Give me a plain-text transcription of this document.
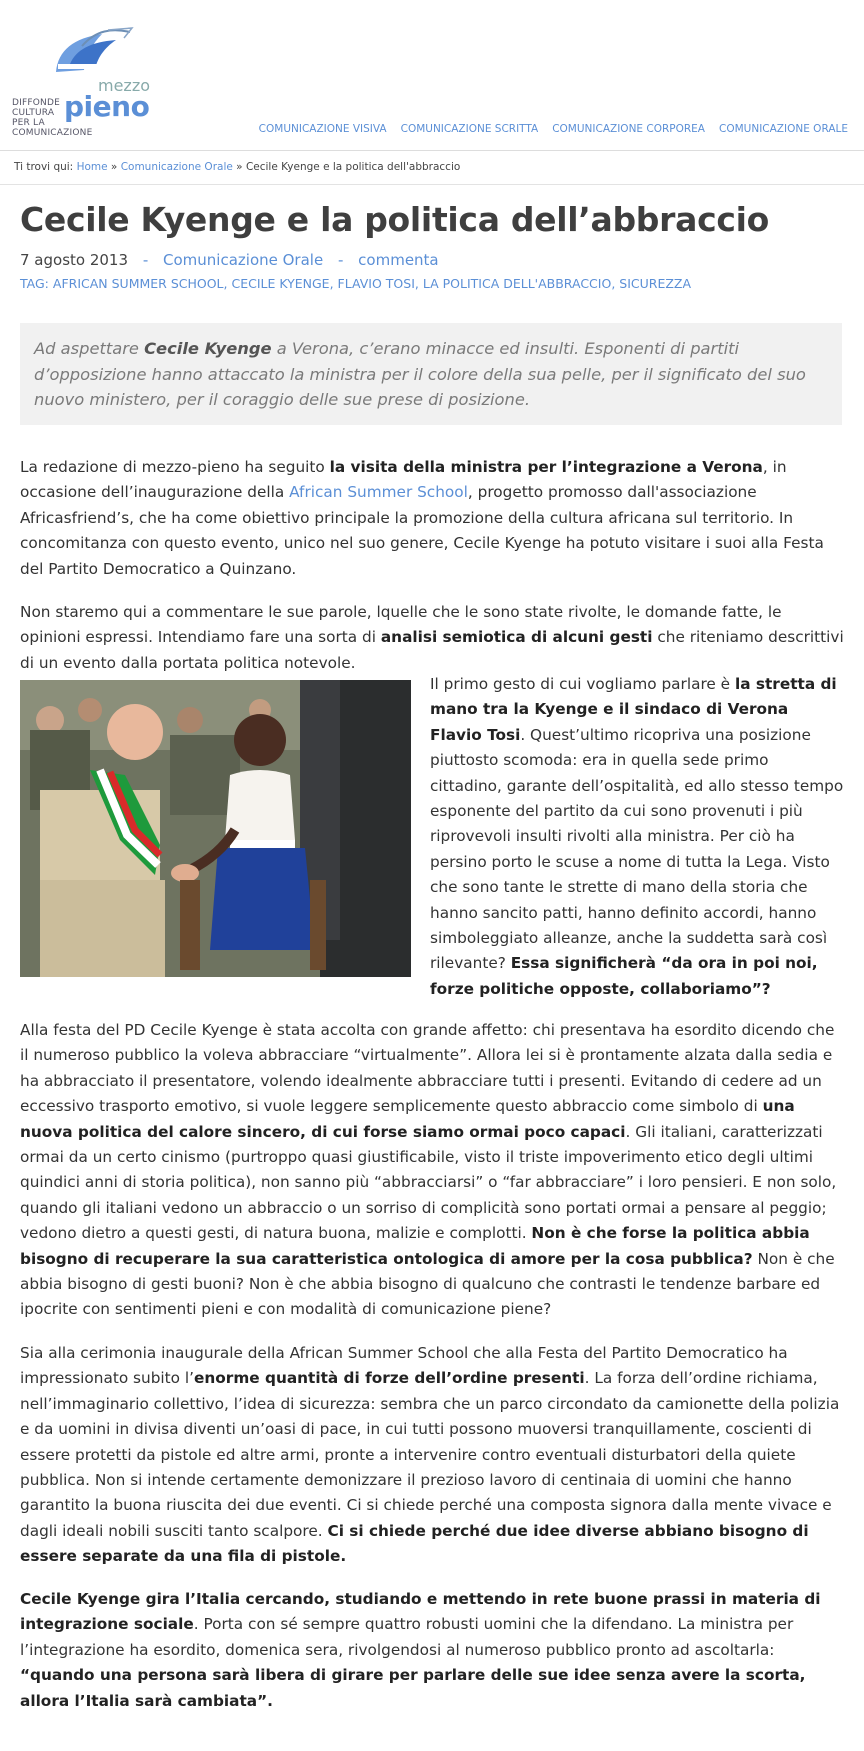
DIFFONDE
CULTURA
PER LA
COMUNICAZIONE
mezzo
pieno
COMUNICAZIONE VISIVA COMUNICAZIONE SCRITTA COMUNICAZIONE CORPOREA COMUNICAZIONE ORALE
Ti trovi qui: Home » Comunicazione Orale » Cecile Kyenge e la politica dell'abbraccio
Cecile Kyenge e la politica dell’abbraccio
7 agosto 2013 - Comunicazione Orale - commenta
TAG: AFRICAN SUMMER SCHOOL, CECILE KYENGE, FLAVIO TOSI, LA POLITICA DELL'ABBRACCIO, SICUREZZA

Ad aspettare Cecile Kyenge a Verona, c’erano minacce ed insulti. Esponenti di partiti d’opposizione hanno attaccato la ministra per il colore della sua pelle, per il significato del suo nuovo ministero, per il coraggio delle sue prese di posizione.

La redazione di mezzo-pieno ha seguito la visita della ministra per l’integrazione a Verona, in occasione dell’inaugurazione della African Summer School, progetto promosso dall'associazione Africasfriend’s, che ha come obiettivo principale la promozione della cultura africana sul territorio. In concomitanza con questo evento, unico nel suo genere, Cecile Kyenge ha potuto visitare i suoi alla Festa del Partito Democratico a Quinzano.

Non staremo qui a commentare le sue parole, lquelle che le sono state rivolte, le domande fatte, le opinioni espressi. Intendiamo fare una sorta di analisi semiotica di alcuni gesti che riteniamo descrittivi di un evento dalla portata politica notevole.

Il primo gesto di cui vogliamo parlare è la stretta di mano tra la Kyenge e il sindaco di Verona Flavio Tosi. Quest’ultimo ricopriva una posizione piuttosto scomoda: era in quella sede primo cittadino, garante dell’ospitalità, ed allo stesso tempo esponente del partito da cui sono provenuti i più riprovevoli insulti rivolti alla ministra. Per ciò ha persino porto le scuse a nome di tutta la Lega. Visto che sono tante le strette di mano della storia che hanno sancito patti, hanno definito accordi, hanno simboleggiato alleanze, anche la suddetta sarà così rilevante? Essa significherà “da ora in poi noi, forze politiche opposte, collaboriamo”?

Alla festa del PD Cecile Kyenge è stata accolta con grande affetto: chi presentava ha esordito dicendo che il numeroso pubblico la voleva abbracciare “virtualmente”. Allora lei si è prontamente alzata dalla sedia e ha abbracciato il presentatore, volendo idealmente abbracciare tutti i presenti. Evitando di cedere ad un eccessivo trasporto emotivo, si vuole leggere semplicemente questo abbraccio come simbolo di una nuova politica del calore sincero, di cui forse siamo ormai poco capaci. Gli italiani, caratterizzati ormai da un certo cinismo (purtroppo quasi giustificabile, visto il triste impoverimento etico degli ultimi quindici anni di storia politica), non sanno più “abbracciarsi” o “far abbracciare” i loro pensieri. E non solo, quando gli italiani vedono un abbraccio o un sorriso di complicità sono portati ormai a pensare al peggio; vedono dietro a questi gesti, di natura buona, malizie e complotti. Non è che forse la politica abbia bisogno di recuperare la sua caratteristica ontologica di amore per la cosa pubblica? Non è che abbia bisogno di gesti buoni? Non è che abbia bisogno di qualcuno che contrasti le tendenze barbare ed ipocrite con sentimenti pieni e con modalità di comunicazione piene?

Sia alla cerimonia inaugurale della African Summer School che alla Festa del Partito Democratico ha impressionato subito l’enorme quantità di forze dell’ordine presenti. La forza dell’ordine richiama, nell’immaginario collettivo, l’idea di sicurezza: sembra che un parco circondato da camionette della polizia e da uomini in divisa diventi un’oasi di pace, in cui tutti possono muoversi tranquillamente, coscienti di essere protetti da pistole ed altre armi, pronte a intervenire contro eventuali disturbatori della quiete pubblica. Non si intende certamente demonizzare il prezioso lavoro di centinaia di uomini che hanno garantito la buona riuscita dei due eventi. Ci si chiede perché una composta signora dalla mente vivace e dagli ideali nobili susciti tanto scalpore. Ci si chiede perché due idee diverse abbiano bisogno di essere separate da una fila di pistole.

Cecile Kyenge gira l’Italia cercando, studiando e mettendo in rete buone prassi in materia di integrazione sociale. Porta con sé sempre quattro robusti uomini che la difendano. La ministra per l’integrazione ha esordito, domenica sera, rivolgendosi al numeroso pubblico pronto ad ascoltarla: “quando una persona sarà libera di girare per parlare delle sue idee senza avere la scorta, allora l’Italia sarà cambiata”.
